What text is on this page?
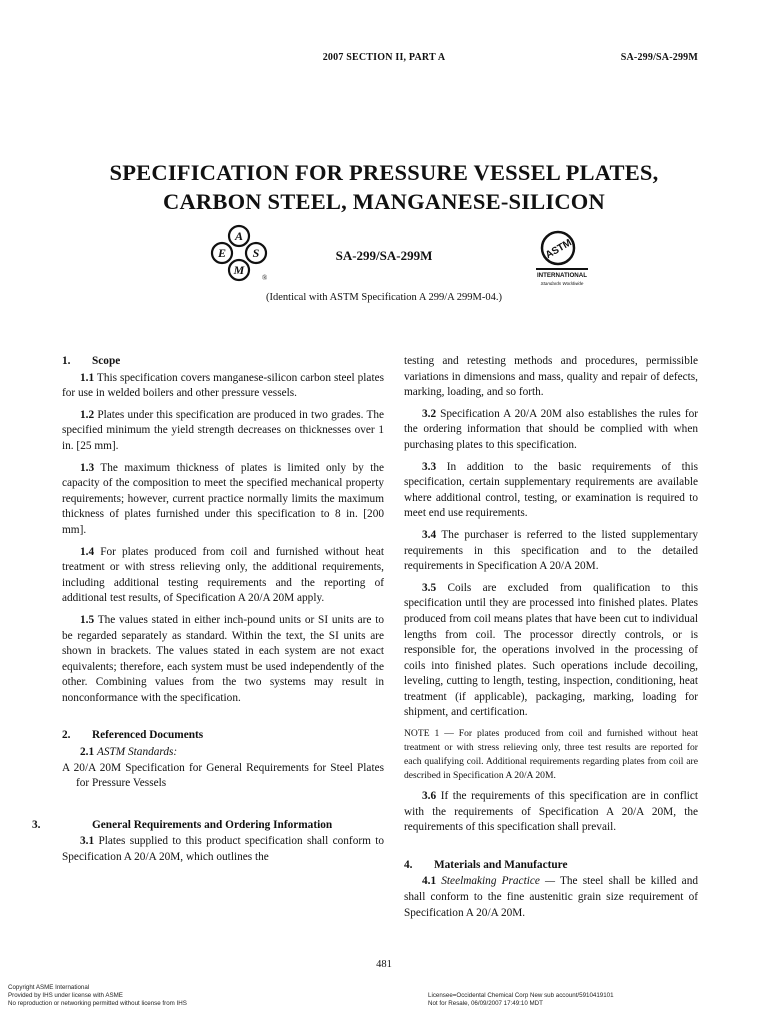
2007 SECTION II, PART A	SA-299/SA-299M
SPECIFICATION FOR PRESSURE VESSEL PLATES,
CARBON STEEL, MANGANESE-SILICON
A
S
M
E
®
SA-299/SA-299M	ASTM
INTERNATIONAL
Standards Worldwide
(Identical with ASTM Specification A 299/A 299M-04.)
1. Scope

1.1 This specification covers manganese-silicon carbon steel plates for use in welded boilers and other pressure vessels.

1.2 Plates under this specification are produced in two grades. The specified minimum the yield strength decreases on thicknesses over 1 in. [25 mm].

1.3 The maximum thickness of plates is limited only by the capacity of the composition to meet the specified mechanical property requirements; however, current practice normally limits the maximum thickness of plates furnished under this specification to 8 in. [200 mm].

1.4 For plates produced from coil and furnished without heat treatment or with stress relieving only, the additional requirements, including additional testing requirements and the reporting of additional test results, of Specification A 20/A 20M apply.

1.5 The values stated in either inch-pound units or SI units are to be regarded separately as standard. Within the text, the SI units are shown in brackets. The values stated in each system are not exact equivalents; therefore, each system must be used independently of the other. Combining values from the two systems may result in nonconformance with the specification.

2. Referenced Documents

2.1 ASTM Standards:

A 20/A 20M Specification for General Requirements for Steel Plates for Pressure Vessels

3.	General Requirements and Ordering Information

3.1 Plates supplied to this product specification shall conform to Specification A 20/A 20M, which outlines the

testing and retesting methods and procedures, permissible variations in dimensions and mass, quality and repair of defects, marking, loading, and so forth.

3.2 Specification A 20/A 20M also establishes the rules for the ordering information that should be complied with when purchasing plates to this specification.

3.3 In addition to the basic requirements of this specification, certain supplementary requirements are available where additional control, testing, or examination is required to meet end use requirements.

3.4 The purchaser is referred to the listed supplementary requirements in this specification and to the detailed requirements in Specification A 20/A 20M.

3.5 Coils are excluded from qualification to this specification until they are processed into finished plates. Plates produced from coil means plates that have been cut to individual lengths from coil. The processor directly controls, or is responsible for, the operations involved in the processing of coils into finished plates. Such operations include decoiling, leveling, cutting to length, testing, inspection, conditioning, heat treatment (if applicable), packaging, marking, loading for shipment, and certification.

NOTE 1 — For plates produced from coil and furnished without heat treatment or with stress relieving only, three test results are reported for each qualifying coil. Additional requirements regarding plates from coil are described in Specification A 20/A 20M.

3.6 If the requirements of this specification are in conflict with the requirements of Specification A 20/A 20M, the requirements of this specification shall prevail.

4. Materials and Manufacture

4.1 Steelmaking Practice — The steel shall be killed and shall conform to the fine austenitic grain size requirement of Specification A 20/A 20M.

481
Copyright ASME International
Provided by IHS under license with ASME
No reproduction or networking permitted without license from IHS
Licensee=Occidental Chemical Corp New sub account/5910419101
Not for Resale, 06/09/2007 17:49:10 MDT
